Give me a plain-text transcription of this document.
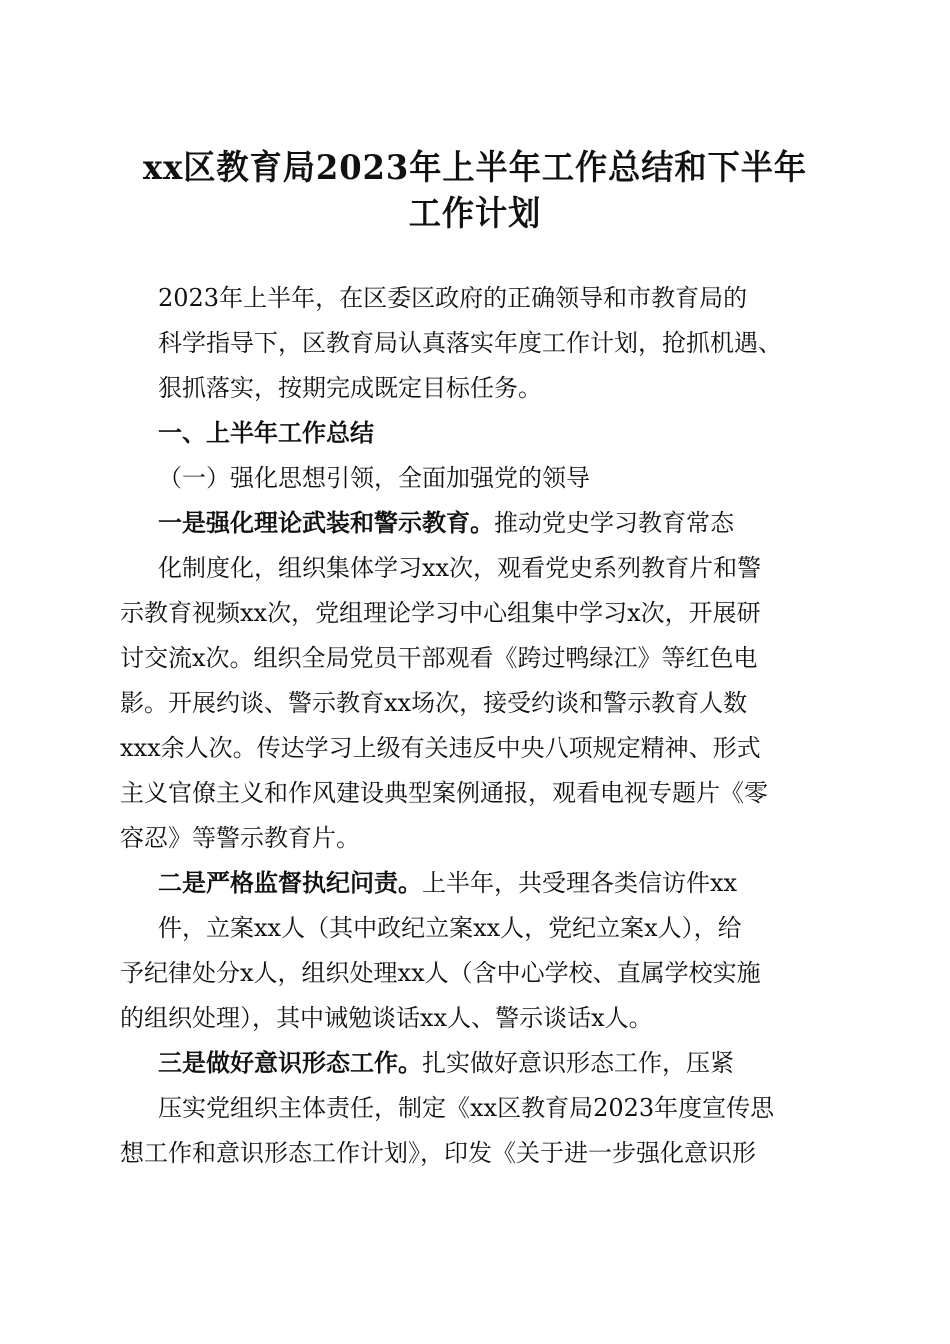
xx区教育局2023年上半年工作总结和下半年
工作计划
2023年上半年，在区委区政府的正确领导和市教育局的
科学指导下，区教育局认真落实年度工作计划，抢抓机遇、
狠抓落实，按期完成既定目标任务。
一、上半年工作总结
（一）强化思想引领，全面加强党的领导
一是强化理论武装和警示教育。推动党史学习教育常态
化制度化，组织集体学习xx次，观看党史系列教育片和警
示教育视频xx次，党组理论学习中心组集中学习x次，开展研
讨交流x次。组织全局党员干部观看《跨过鸭绿江》等红色电
影。开展约谈、警示教育xx场次，接受约谈和警示教育人数
xxx余人次。传达学习上级有关违反中央八项规定精神、形式
主义官僚主义和作风建设典型案例通报，观看电视专题片《零
容忍》等警示教育片。
二是严格监督执纪问责。上半年，共受理各类信访件xx
件，立案xx人（其中政纪立案xx人，党纪立案x人），给
予纪律处分x人，组织处理xx人（含中心学校、直属学校实施
的组织处理），其中诫勉谈话xx人、警示谈话x人。
三是做好意识形态工作。扎实做好意识形态工作，压紧
压实党组织主体责任，制定《xx区教育局2023年度宣传思
想工作和意识形态工作计划》，印发《关于进一步强化意识形
